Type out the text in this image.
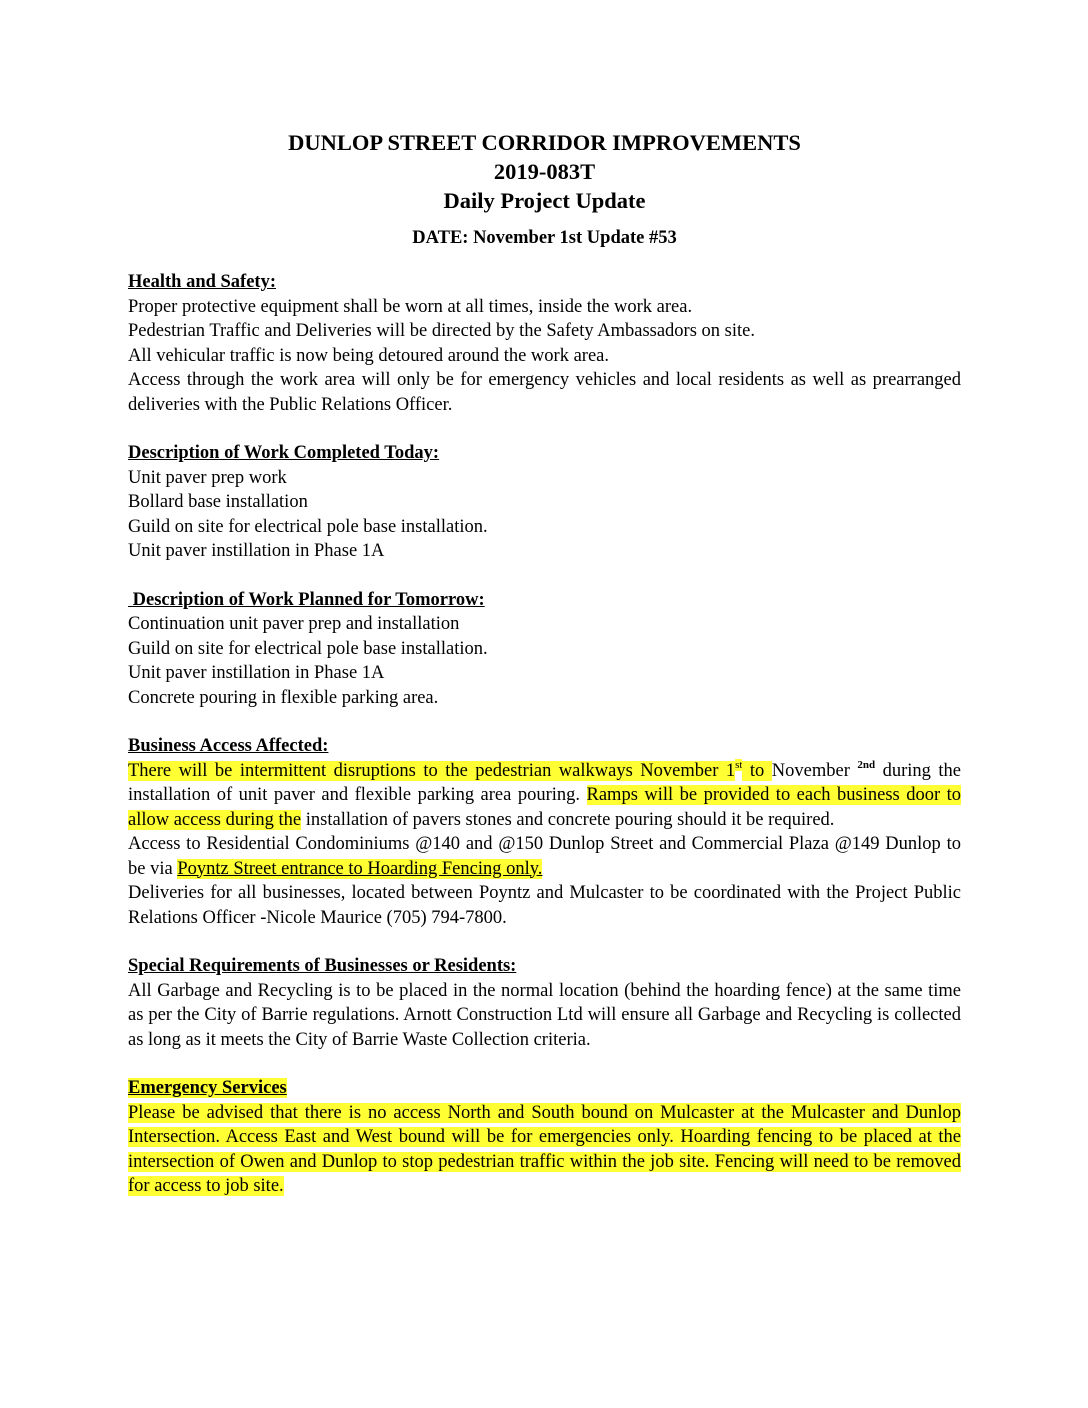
DUNLOP STREET CORRIDOR IMPROVEMENTS
2019-083T
Daily Project Update
DATE: November 1st Update #53
Health and Safety:
Proper protective equipment shall be worn at all times, inside the work area.
Pedestrian Traffic and Deliveries will be directed by the Safety Ambassadors on site.
All vehicular traffic is now being detoured around the work area.
Access through the work area will only be for emergency vehicles and local residents as well as prearranged deliveries with the Public Relations Officer.
Description of Work Completed Today:
Unit paver prep work
Bollard base installation
Guild on site for electrical pole base installation.
Unit paver instillation in Phase 1A
Description of Work Planned for Tomorrow:
Continuation unit paver prep and installation
Guild on site for electrical pole base installation.
Unit paver instillation in Phase 1A
Concrete pouring in flexible parking area.
Business Access Affected:
There will be intermittent disruptions to the pedestrian walkways November 1st to November $^{2nd}$ during the installation of unit paver and flexible parking area pouring. Ramps will be provided to each business door to allow access during the installation of pavers stones and concrete pouring should it be required.
Access to Residential Condominiums @140 and @150 Dunlop Street and Commercial Plaza @149 Dunlop to be via Poyntz Street entrance to Hoarding Fencing only.
Deliveries for all businesses, located between Poyntz and Mulcaster to be coordinated with the Project Public Relations Officer -Nicole Maurice (705) 794-7800.
Special Requirements of Businesses or Residents:
All Garbage and Recycling is to be placed in the normal location (behind the hoarding fence) at the same time as per the City of Barrie regulations. Arnott Construction Ltd will ensure all Garbage and Recycling is collected as long as it meets the City of Barrie Waste Collection criteria.
Emergency Services
Please be advised that there is no access North and South bound on Mulcaster at the Mulcaster and Dunlop Intersection. Access East and West bound will be for emergencies only. Hoarding fencing to be placed at the intersection of Owen and Dunlop to stop pedestrian traffic within the job site. Fencing will need to be removed for access to job site.
